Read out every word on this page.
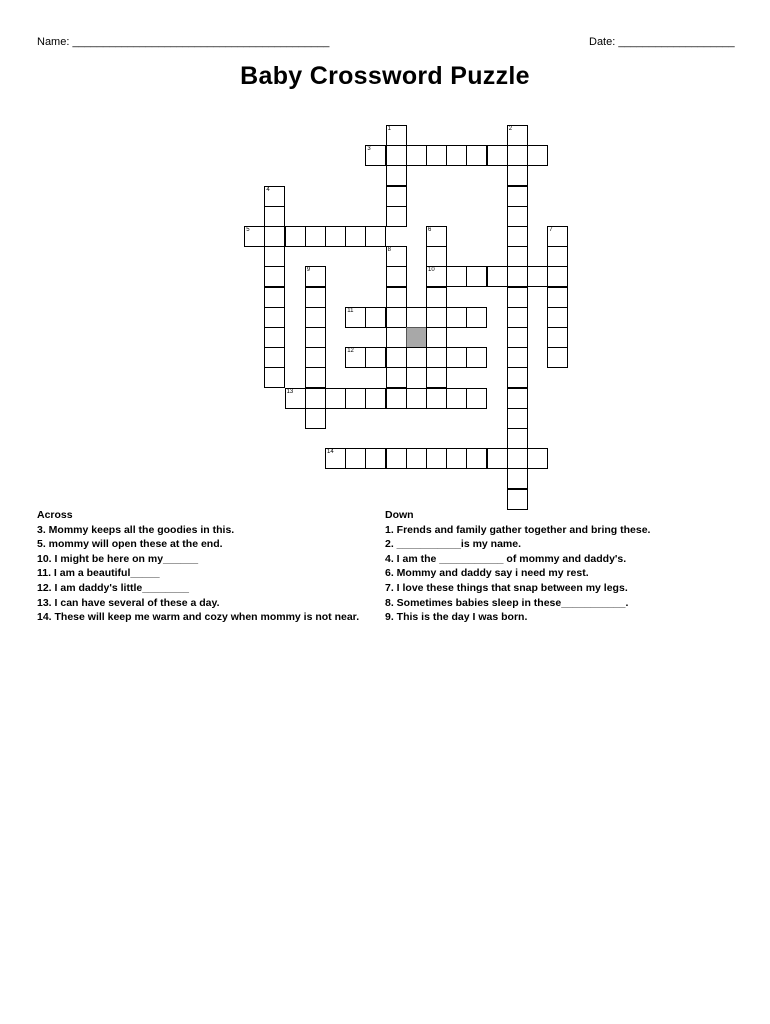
Name: __________________________________________	Date: ___________________
Baby Crossword Puzzle
1	2
3
4
5	6	7
8
9	10
11
12
13
14
Across
3. Mommy keeps all the goodies in this.
5. mommy will open these at the end.
10. I might be here on my______
11. I am a beautiful_____
12. I am daddy's little________
13. I can have several of these a day.
14. These will keep me warm and cozy when mommy is not near.
Down
1. Frends and family gather together and bring these.
2. ___________is my name.
4. I am the ___________ of mommy and daddy's.
6. Mommy and daddy say i need my rest.
7. I love these things that snap between my legs.
8. Sometimes babies sleep in these___________.
9. This is the day I was born.
